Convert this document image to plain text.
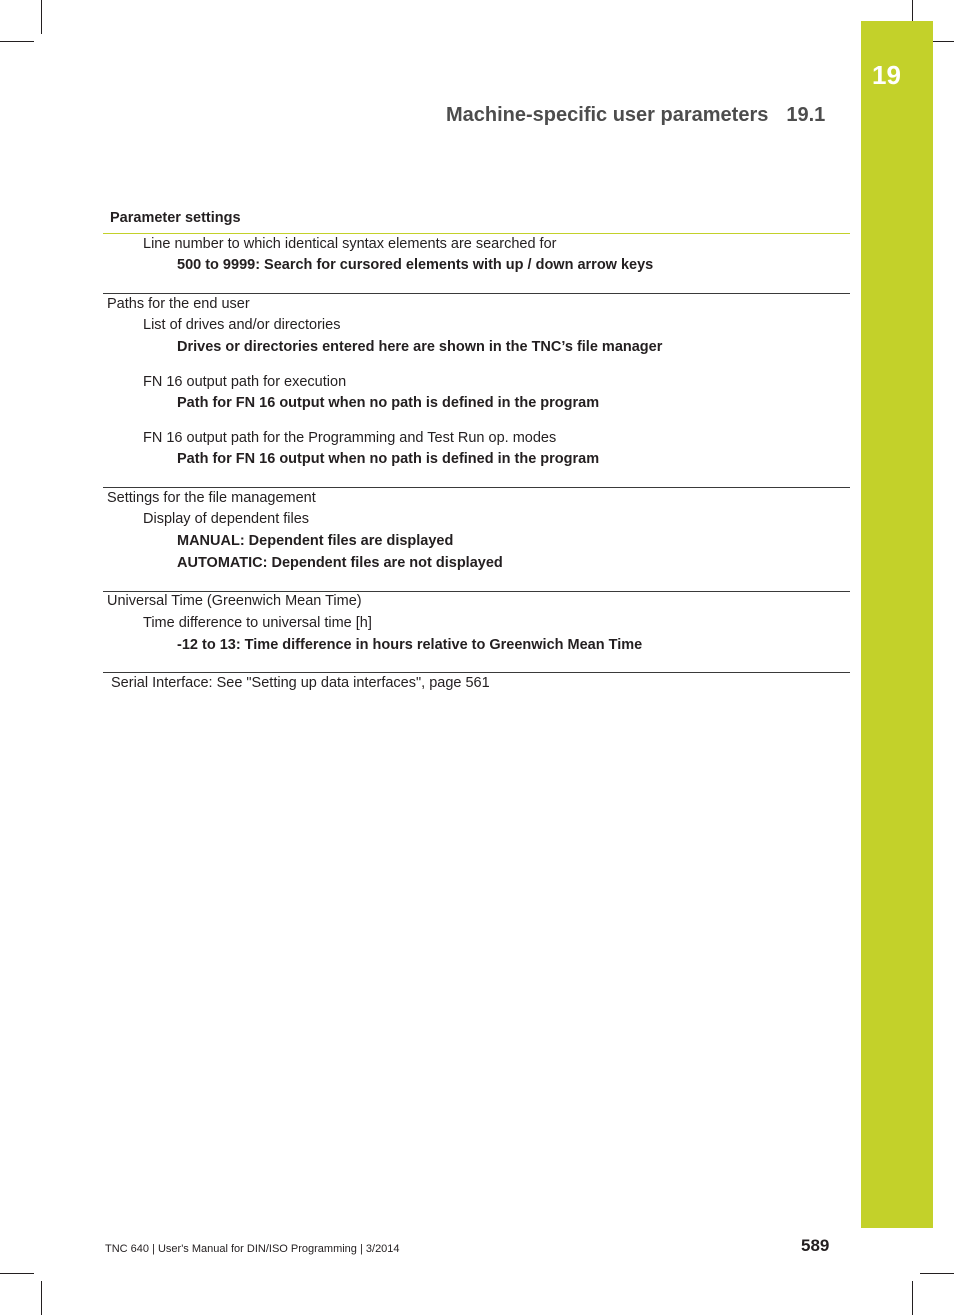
19
Machine-specific user parameters 19.1
Parameter settings
Line number to which identical syntax elements are searched for
500 to 9999: Search for cursored elements with up / down arrow keys
Paths for the end user
List of drives and/or directories
Drives or directories entered here are shown in the TNC’s file manager
FN 16 output path for execution
Path for FN 16 output when no path is defined in the program
FN 16 output path for the Programming and Test Run op. modes
Path for FN 16 output when no path is defined in the program
Settings for the file management
Display of dependent files
MANUAL: Dependent files are displayed
AUTOMATIC: Dependent files are not displayed
Universal Time (Greenwich Mean Time)
Time difference to universal time [h]
-12 to 13: Time difference in hours relative to Greenwich Mean Time
Serial Interface: See "Setting up data interfaces", page 561
TNC 640 | User's Manual for DIN/ISO Programming | 3/2014	589
